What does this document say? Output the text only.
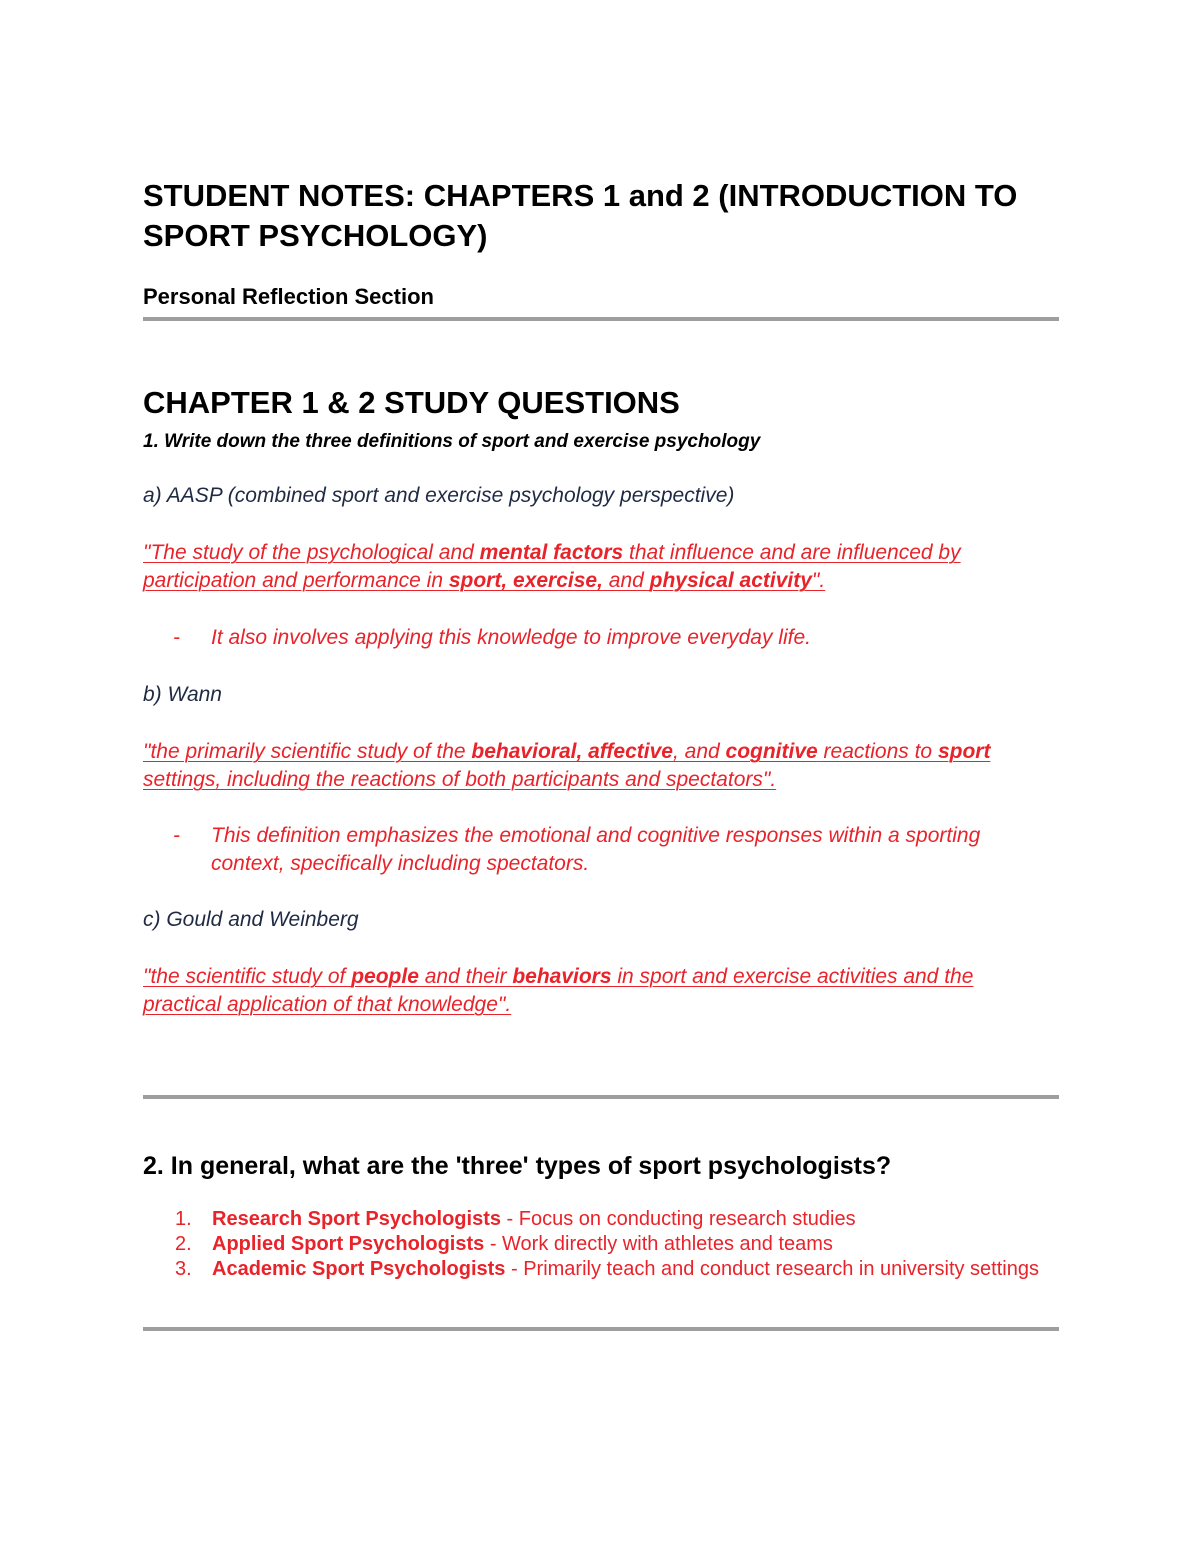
STUDENT NOTES: CHAPTERS 1 and 2 (INTRODUCTION TO SPORT PSYCHOLOGY)

Personal Reflection Section

CHAPTER 1 & 2 STUDY QUESTIONS

1. Write down the three definitions of sport and exercise psychology

a) AASP (combined sport and exercise psychology perspective)

"The study of the psychological and mental factors that influence and are influenced by participation and performance in sport, exercise, and physical activity".

- It also involves applying this knowledge to improve everyday life.

b) Wann

"the primarily scientific study of the behavioral, affective, and cognitive reactions to sport settings, including the reactions of both participants and spectators".

- This definition emphasizes the emotional and cognitive responses within a sporting context, specifically including spectators.

c) Gould and Weinberg

"the scientific study of people and their behaviors in sport and exercise activities and the practical application of that knowledge".

2. In general, what are the 'three' types of sport psychologists?

1. Research Sport Psychologists - Focus on conducting research studies
2. Applied Sport Psychologists - Work directly with athletes and teams
3. Academic Sport Psychologists - Primarily teach and conduct research in university settings
